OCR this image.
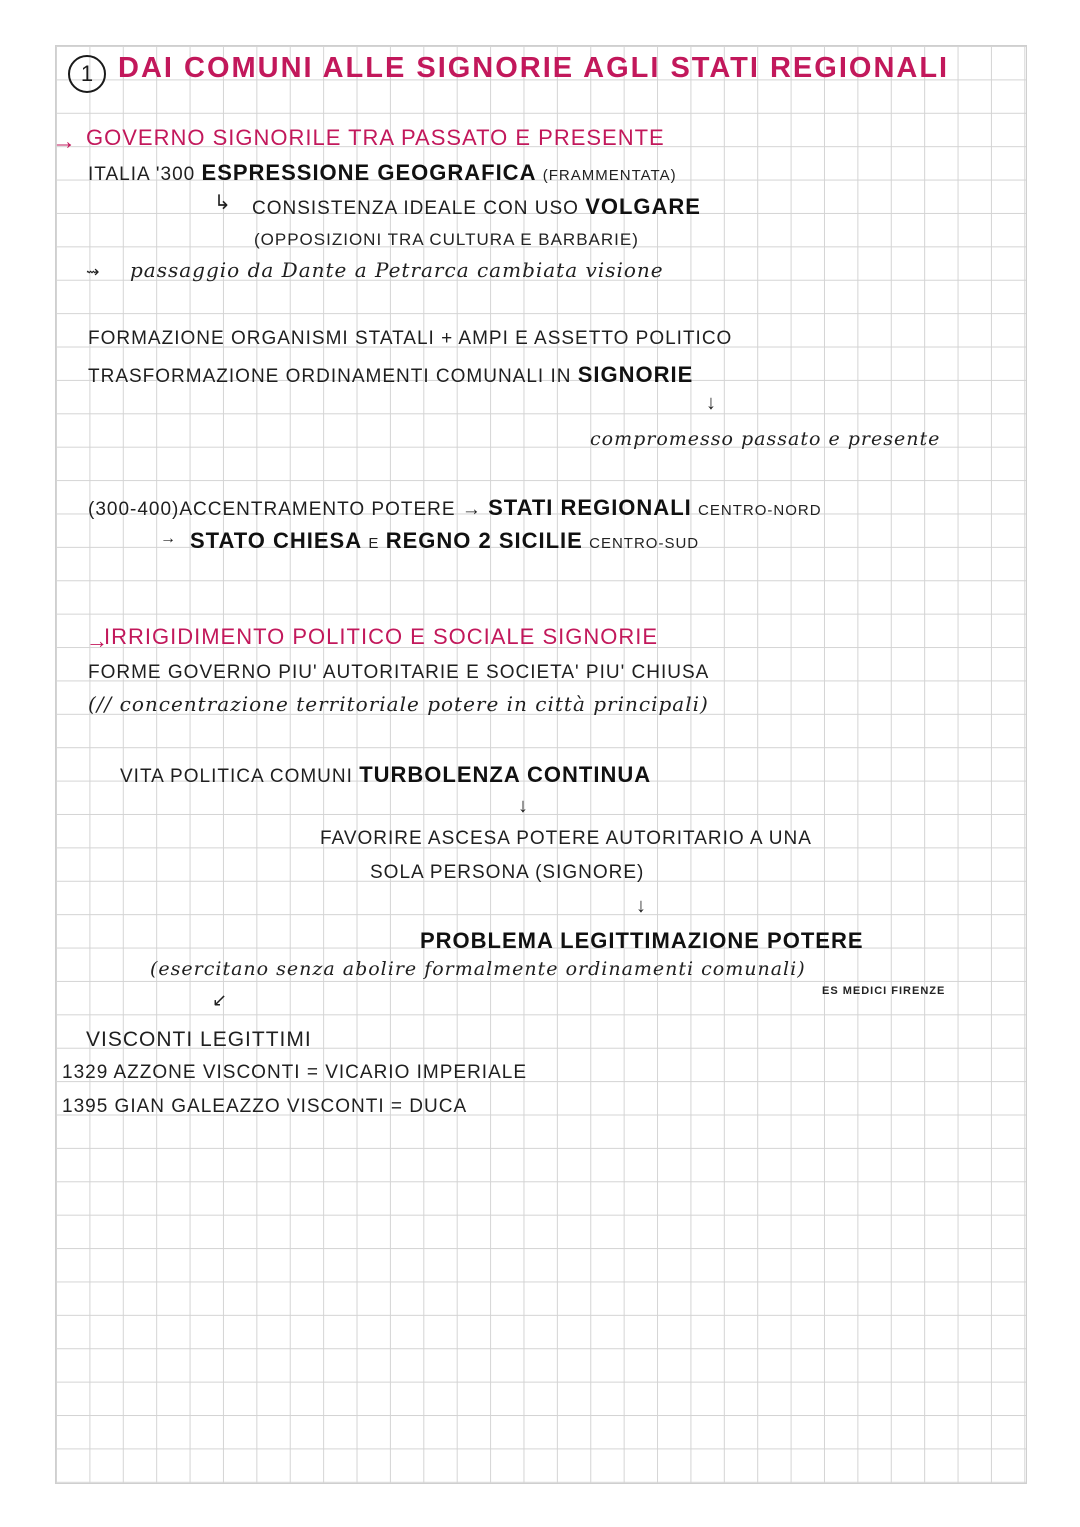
1 DAI COMUNI ALLE SIGNORIE AGLI STATI REGIONALI
→ GOVERNO SIGNORILE TRA PASSATO E PRESENTE
ITALIA '300 ESPRESSIONE GEOGRAFICA (FRAMMENTATA)
↳ CONSISTENZA IDEALE CON USO VOLGARE
(OPPOSIZIONI TRA CULTURA E BARBARIE)
⇝ passaggio da Dante a Petrarca cambiata visione
FORMAZIONE ORGANISMI STATALI + AMPI E ASSETTO POLITICO
TRASFORMAZIONE ORDINAMENTI COMUNALI IN SIGNORIE
↓
compromesso passato e presente
(300-400)ACCENTRAMENTO POTERE → STATI REGIONALI CENTRO-NORD
→ STATO CHIESA E REGNO 2 SICILIE CENTRO-SUD
→
IRRIGIDIMENTO POLITICO E SOCIALE SIGNORIE
FORME GOVERNO PIU' AUTORITARIE E SOCIETA' PIU' CHIUSA
(// concentrazione territoriale potere in città principali)
VITA POLITICA COMUNI TURBOLENZA CONTINUA
↓
FAVORIRE ASCESA POTERE AUTORITARIO A UNA
SOLA PERSONA (SIGNORE)
↓
PROBLEMA LEGITTIMAZIONE POTERE
(esercitano senza abolire formalmente ordinamenti comunali)
ES MEDICI FIRENZE
↙
VISCONTI LEGITTIMI
1329 AZZONE VISCONTI = VICARIO IMPERIALE
1395 GIAN GALEAZZO VISCONTI = DUCA
